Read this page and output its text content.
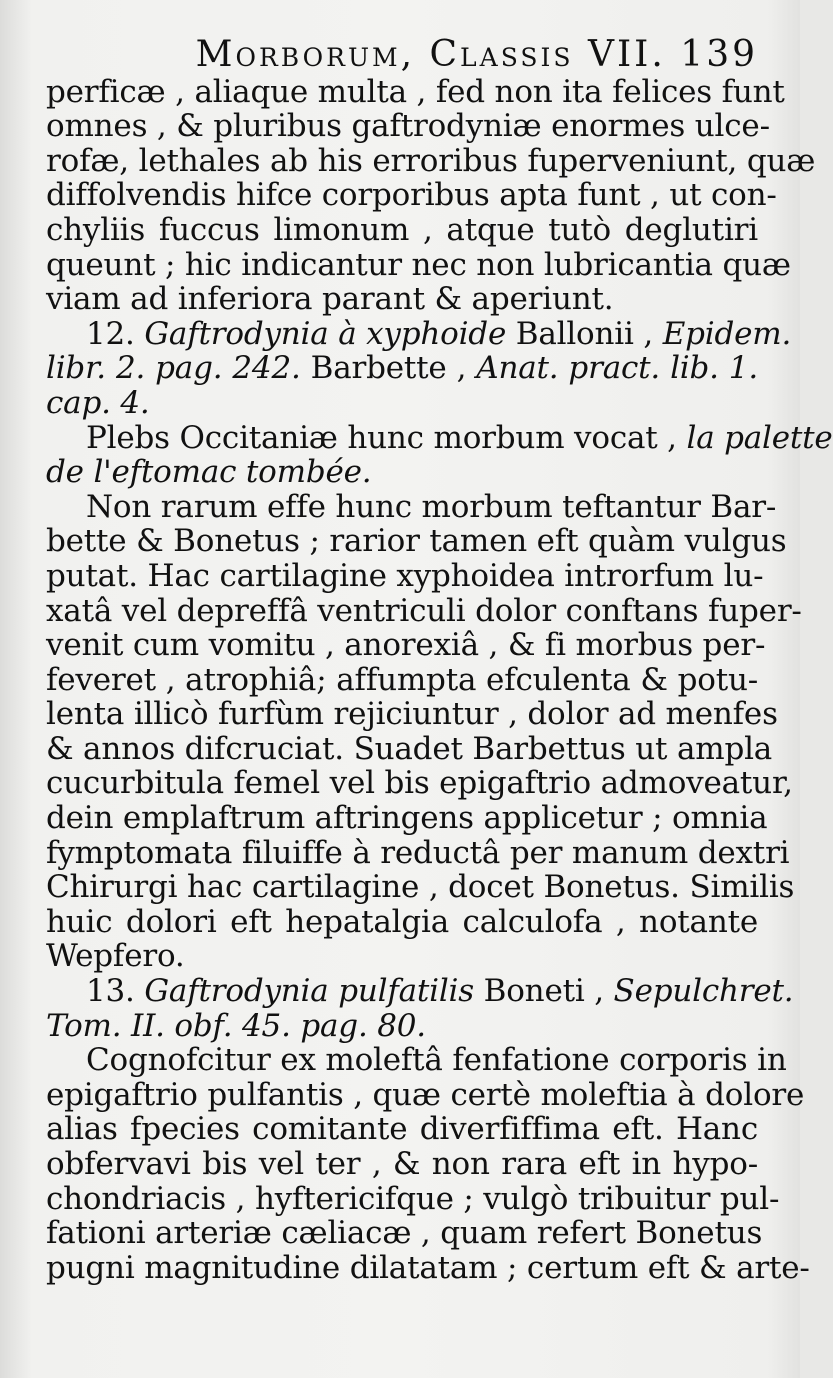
Morborum, Classis VII. 139
perficæ , aliaque multa , fed non ita felices funt
omnes , & pluribus gaftrodyniæ enormes ulce-
rofæ, lethales ab his erroribus fuperveniunt, quæ
diffolvendis hifce corporibus apta funt , ut con-
chyliis fuccus limonum , atque tutò deglutiri
queunt ; hic indicantur nec non lubricantia quæ
viam ad inferiora parant & aperiunt.
12. Gaftrodynia à xyphoide Ballonii , Epidem.
libr. 2. pag. 242. Barbette , Anat. pract. lib. 1.
cap. 4.
Plebs Occitaniæ hunc morbum vocat , la palette
de l'eftomac tombée.
Non rarum effe hunc morbum teftantur Bar-
bette & Bonetus ; rarior tamen eft quàm vulgus
putat. Hac cartilagine xyphoidea introrfum lu-
xatâ vel depreffâ ventriculi dolor conftans fuper-
venit cum vomitu , anorexiâ , & fi morbus per-
feveret , atrophiâ; affumpta efculenta & potu-
lenta illicò furfùm rejiciuntur , dolor ad menfes
& annos difcruciat. Suadet Barbettus ut ampla
cucurbitula femel vel bis epigaftrio admoveatur,
dein emplaftrum aftringens applicetur ; omnia
fymptomata filuiffe à reductâ per manum dextri
Chirurgi hac cartilagine , docet Bonetus. Similis
huic dolori eft hepatalgia calculofa , notante
Wepfero.
13. Gaftrodynia pulfatilis Boneti , Sepulchret.
Tom. II. obf. 45. pag. 80.
Cognofcitur ex moleftâ fenfatione corporis in
epigaftrio pulfantis , quæ certè moleftia à dolore
alias fpecies comitante diverfiffima eft. Hanc
obfervavi bis vel ter , & non rara eft in hypo-
chondriacis , hyftericifque ; vulgò tribuitur pul-
fationi arteriæ cæliacæ , quam refert Bonetus
pugni magnitudine dilatatam ; certum eft & arte-
